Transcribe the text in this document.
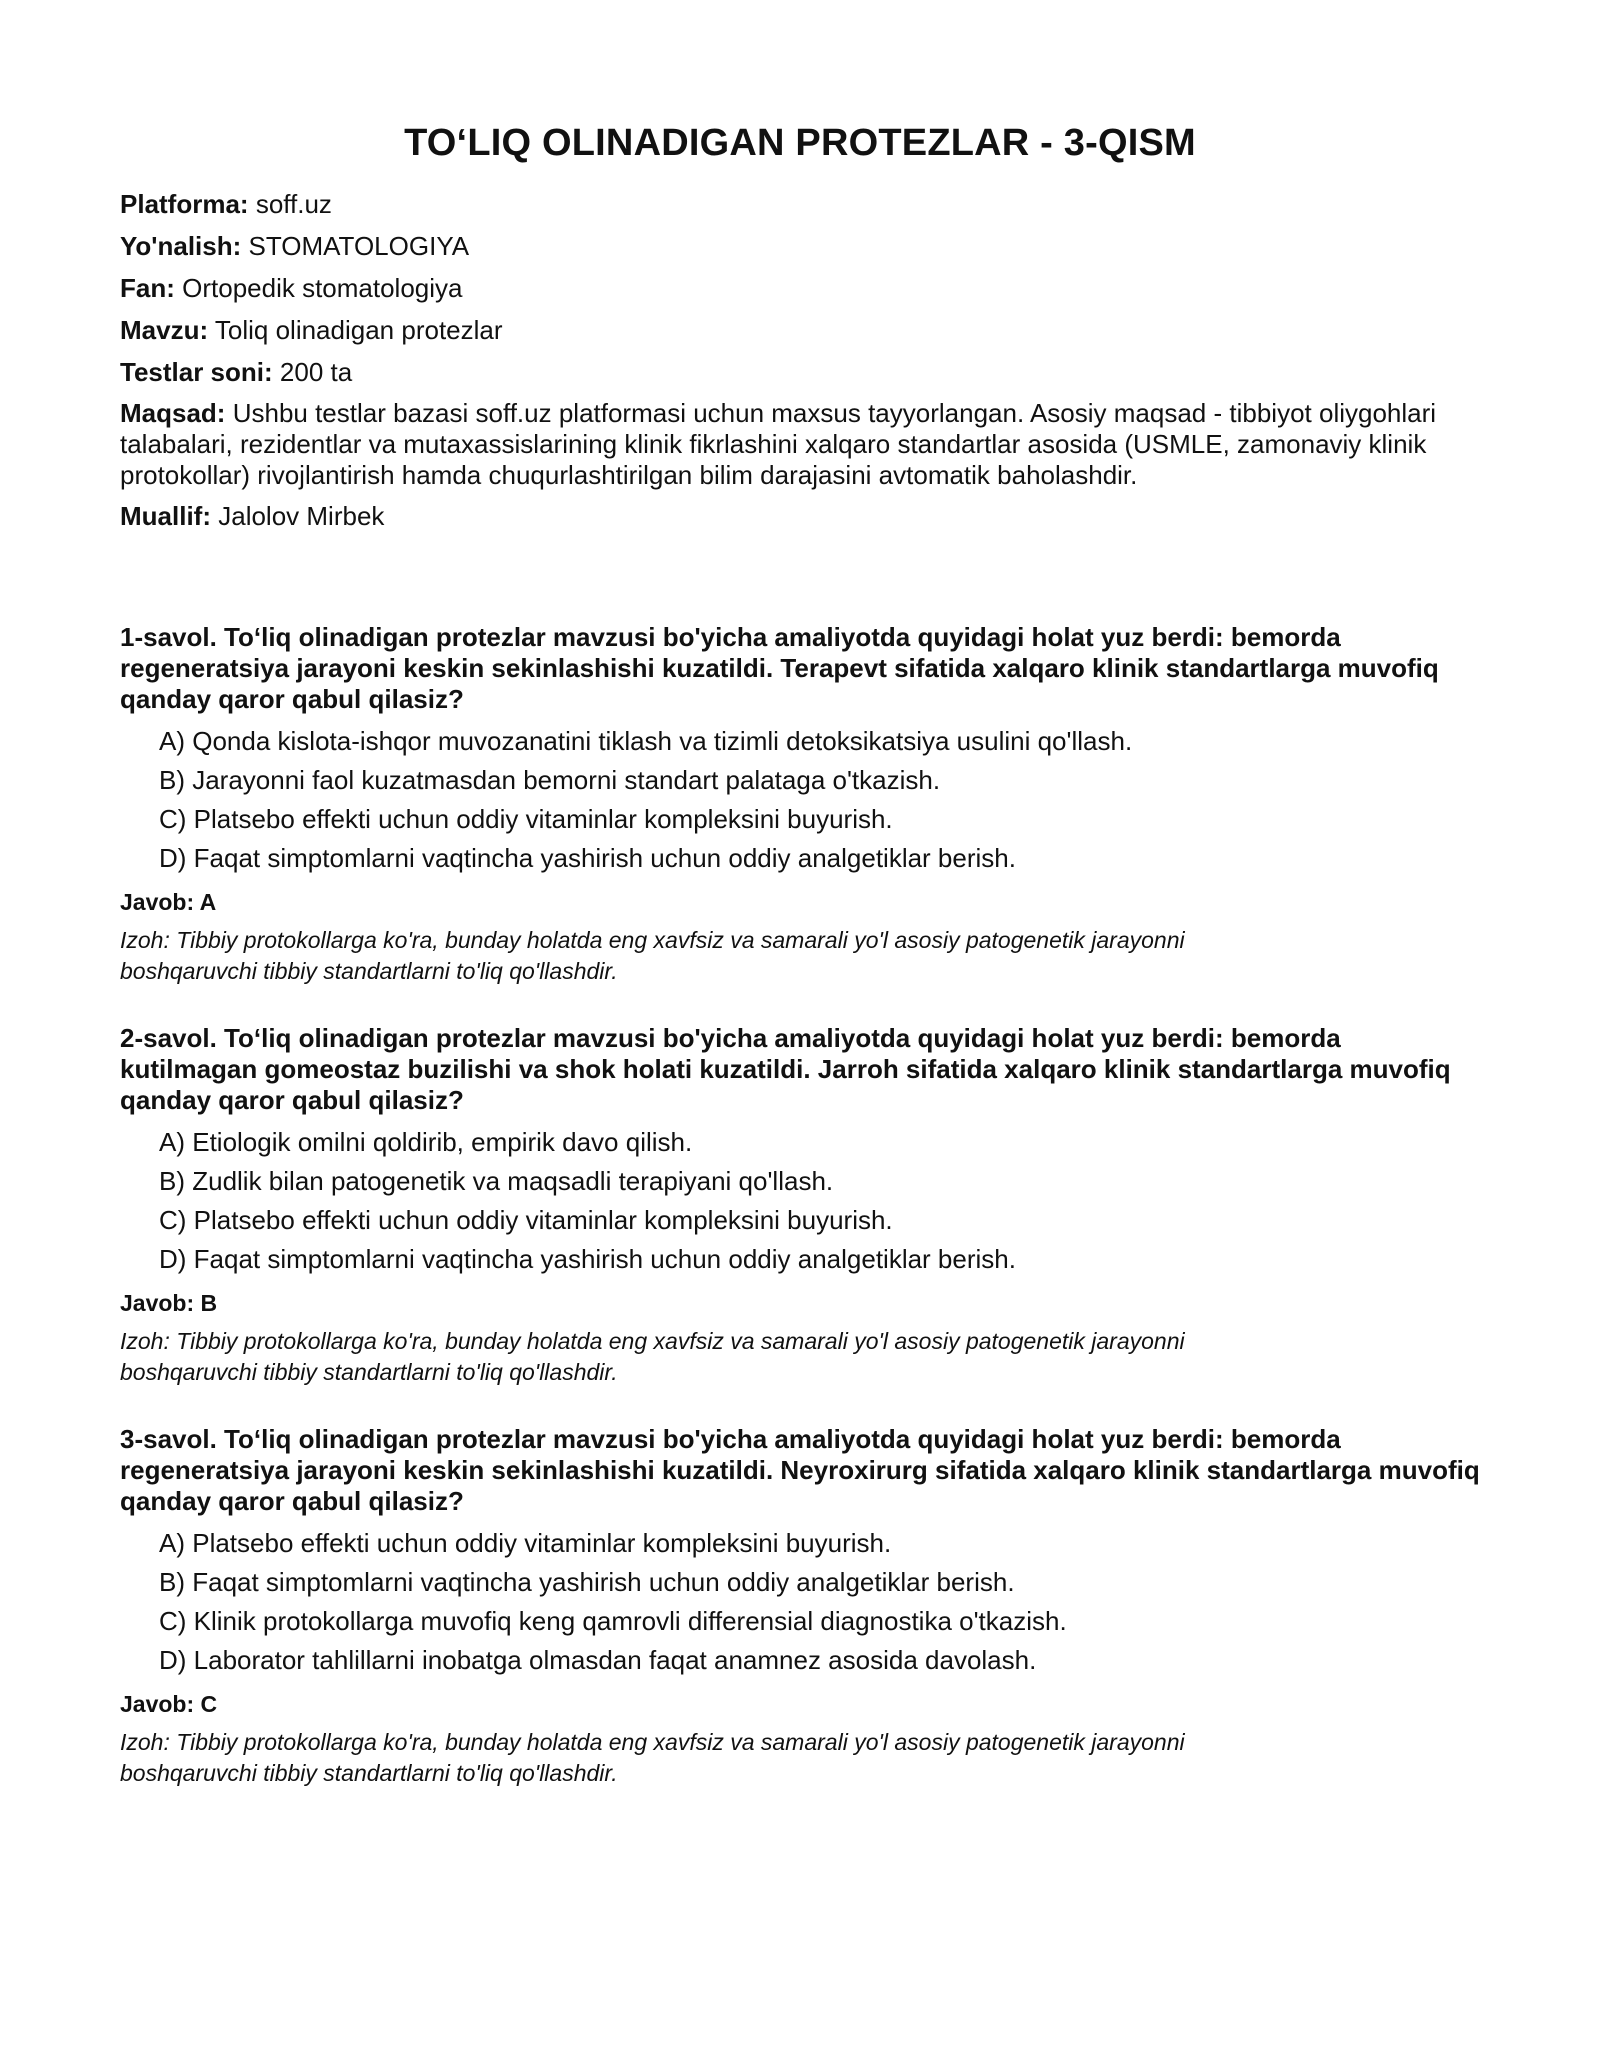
TO‘LIQ OLINADIGAN PROTEZLAR - 3-QISM

Platforma: soff.uz

Yo'nalish: STOMATOLOGIYA

Fan: Ortopedik stomatologiya

Mavzu: Toliq olinadigan protezlar

Testlar soni: 200 ta

Maqsad: Ushbu testlar bazasi soff.uz platformasi uchun maxsus tayyorlangan. Asosiy maqsad - tibbiyot oliygohlari talabalari, rezidentlar va mutaxassislarining klinik fikrlashini xalqaro standartlar asosida (USMLE, zamonaviy klinik protokollar) rivojlantirish hamda chuqurlashtirilgan bilim darajasini avtomatik baholashdir.

Muallif: Jalolov Mirbek

1-savol. To‘liq olinadigan protezlar mavzusi bo'yicha amaliyotda quyidagi holat yuz berdi: bemorda regeneratsiya jarayoni keskin sekinlashishi kuzatildi. Terapevt sifatida xalqaro klinik standartlarga muvofiq qanday qaror qabul qilasiz?

A) Qonda kislota-ishqor muvozanatini tiklash va tizimli detoksikatsiya usulini qo'llash.

B) Jarayonni faol kuzatmasdan bemorni standart palataga o'tkazish.

C) Platsebo effekti uchun oddiy vitaminlar kompleksini buyurish.

D) Faqat simptomlarni vaqtincha yashirish uchun oddiy analgetiklar berish.

Javob: A

Izoh: Tibbiy protokollarga ko'ra, bunday holatda eng xavfsiz va samarali yo'l asosiy patogenetik jarayonni boshqaruvchi tibbiy standartlarni to'liq qo'llashdir.

2-savol. To‘liq olinadigan protezlar mavzusi bo'yicha amaliyotda quyidagi holat yuz berdi: bemorda kutilmagan gomeostaz buzilishi va shok holati kuzatildi. Jarroh sifatida xalqaro klinik standartlarga muvofiq qanday qaror qabul qilasiz?

A) Etiologik omilni qoldirib, empirik davo qilish.

B) Zudlik bilan patogenetik va maqsadli terapiyani qo'llash.

C) Platsebo effekti uchun oddiy vitaminlar kompleksini buyurish.

D) Faqat simptomlarni vaqtincha yashirish uchun oddiy analgetiklar berish.

Javob: B

Izoh: Tibbiy protokollarga ko'ra, bunday holatda eng xavfsiz va samarali yo'l asosiy patogenetik jarayonni boshqaruvchi tibbiy standartlarni to'liq qo'llashdir.

3-savol. To‘liq olinadigan protezlar mavzusi bo'yicha amaliyotda quyidagi holat yuz berdi: bemorda regeneratsiya jarayoni keskin sekinlashishi kuzatildi. Neyroxirurg sifatida xalqaro klinik standartlarga muvofiq qanday qaror qabul qilasiz?

A) Platsebo effekti uchun oddiy vitaminlar kompleksini buyurish.

B) Faqat simptomlarni vaqtincha yashirish uchun oddiy analgetiklar berish.

C) Klinik protokollarga muvofiq keng qamrovli differensial diagnostika o'tkazish.

D) Laborator tahlillarni inobatga olmasdan faqat anamnez asosida davolash.

Javob: C

Izoh: Tibbiy protokollarga ko'ra, bunday holatda eng xavfsiz va samarali yo'l asosiy patogenetik jarayonni boshqaruvchi tibbiy standartlarni to'liq qo'llashdir.
